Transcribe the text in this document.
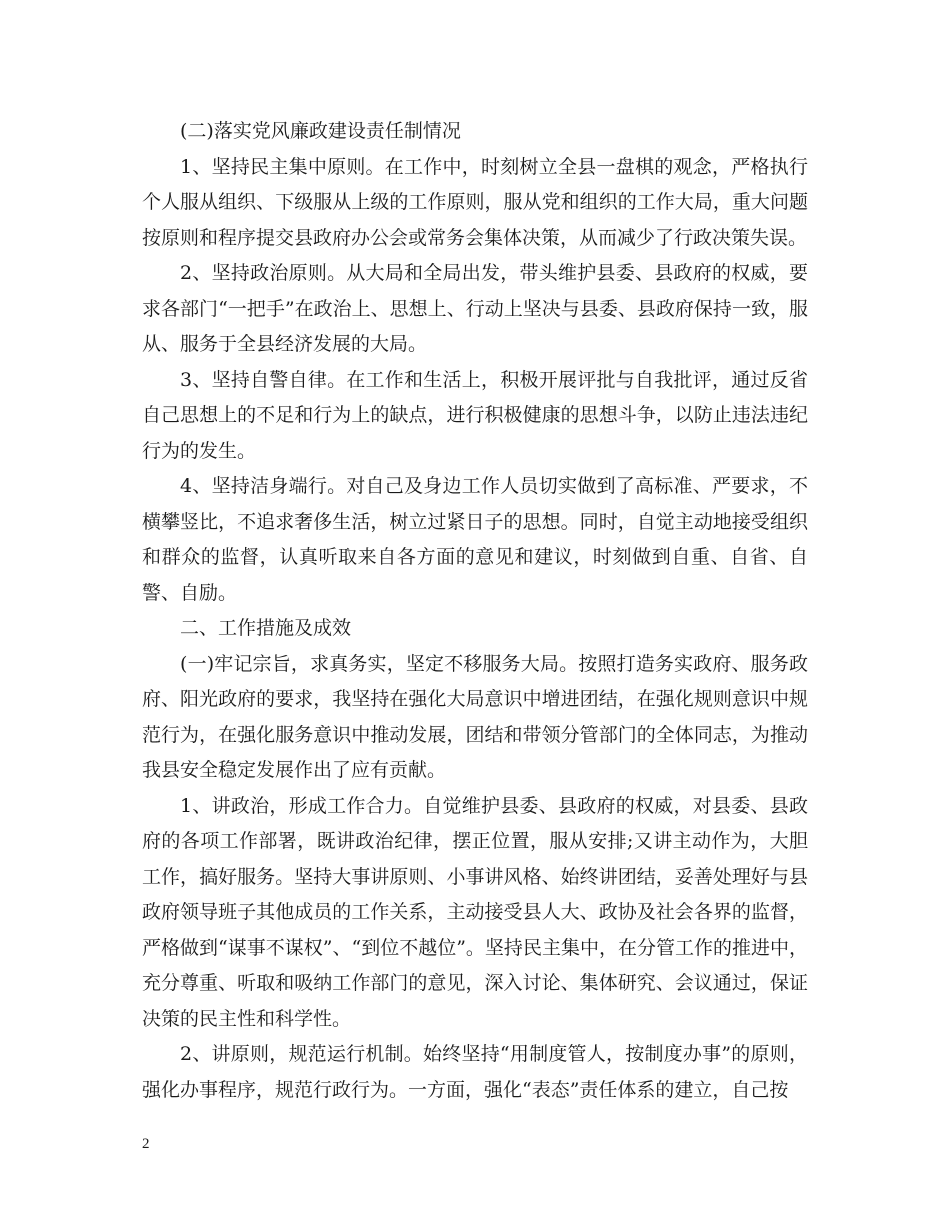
(二)落实党风廉政建设责任制情况

1、坚持民主集中原则。在工作中，时刻树立全县一盘棋的观念，严格执行个人服从组织、下级服从上级的工作原则，服从党和组织的工作大局，重大问题按原则和程序提交县政府办公会或常务会集体决策，从而减少了行政决策失误。

2、坚持政治原则。从大局和全局出发，带头维护县委、县政府的权威，要求各部门“一把手”在政治上、思想上、行动上坚决与县委、县政府保持一致，服从、服务于全县经济发展的大局。

3、坚持自警自律。在工作和生活上，积极开展评批与自我批评，通过反省自己思想上的不足和行为上的缺点，进行积极健康的思想斗争，以防止违法违纪行为的发生。

4、坚持洁身端行。对自己及身边工作人员切实做到了高标准、严要求，不横攀竖比，不追求奢侈生活，树立过紧日子的思想。同时，自觉主动地接受组织和群众的监督，认真听取来自各方面的意见和建议，时刻做到自重、自省、自警、自励。

二、工作措施及成效

(一)牢记宗旨，求真务实，坚定不移服务大局。按照打造务实政府、服务政府、阳光政府的要求，我坚持在强化大局意识中增进团结，在强化规则意识中规范行为，在强化服务意识中推动发展，团结和带领分管部门的全体同志，为推动我县安全稳定发展作出了应有贡献。

1、讲政治，形成工作合力。自觉维护县委、县政府的权威，对县委、县政府的各项工作部署，既讲政治纪律，摆正位置，服从安排;又讲主动作为，大胆工作，搞好服务。坚持大事讲原则、小事讲风格、始终讲团结，妥善处理好与县政府领导班子其他成员的工作关系，主动接受县人大、政协及社会各界的监督，严格做到“谋事不谋权”、“到位不越位”。坚持民主集中，在分管工作的推进中，充分尊重、听取和吸纳工作部门的意见，深入讨论、集体研究、会议通过，保证决策的民主性和科学性。

2、讲原则，规范运行机制。始终坚持“用制度管人，按制度办事”的原则，强化办事程序，规范行政行为。一方面，强化“表态”责任体系的建立，自己按

2
